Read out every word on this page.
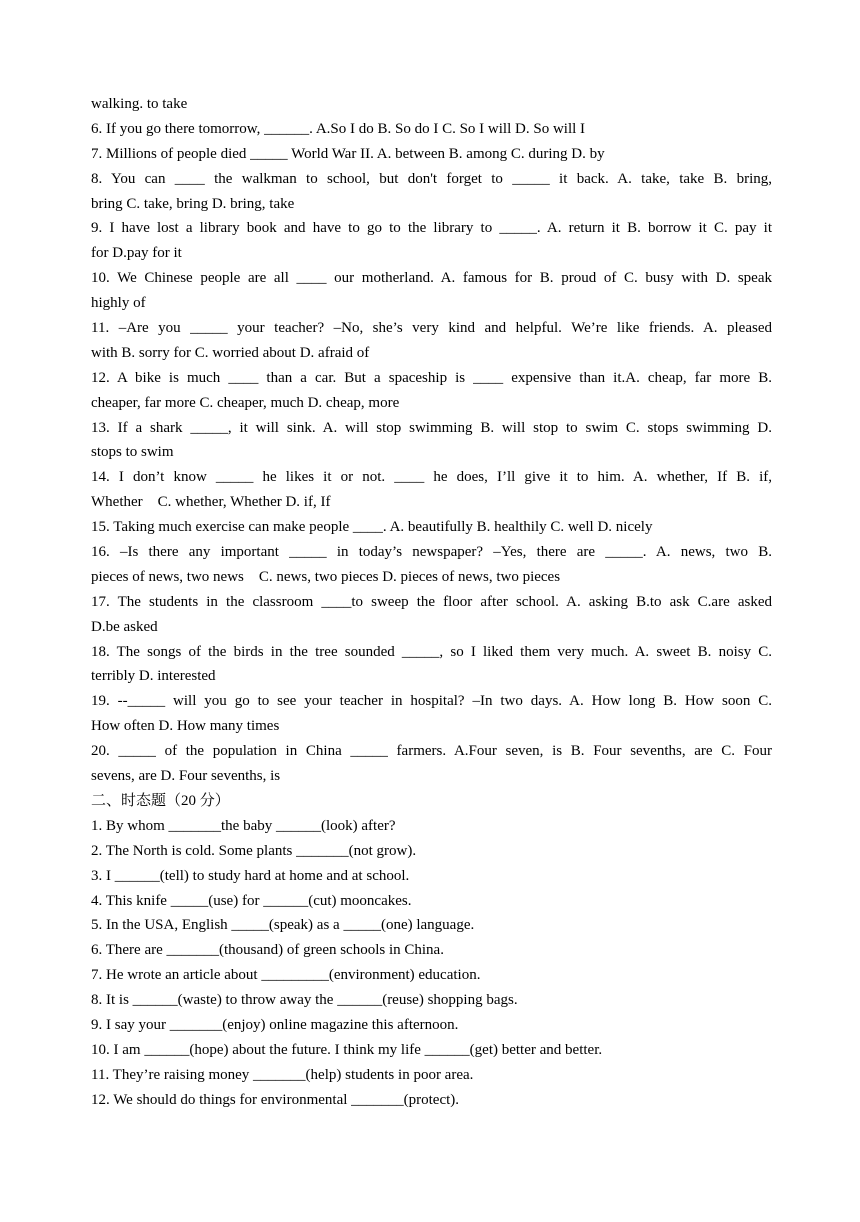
walking. to take
6. If you go there tomorrow, ______. A.So I do B. So do I C. So I will D. So will I
7. Millions of people died _____ World War II. A. between B. among C. during D. by
8. You can ____ the walkman to school, but don't forget to _____ it back. A. take, take B. bring,
bring C. take, bring D. bring, take
9. I have lost a library book and have to go to the library to _____. A. return it B. borrow it C. pay it
for D.pay for it
10. We Chinese people are all ____ our motherland. A. famous for B. proud of C. busy with D. speak
highly of
11. –Are you _____ your teacher? –No, she’s very kind and helpful. We’re like friends. A. pleased
with B. sorry for C. worried about D. afraid of
12. A bike is much ____ than a car. But a spaceship is ____ expensive than it.A. cheap, far more B.
cheaper, far more C. cheaper, much D. cheap, more
13. If a shark _____, it will sink. A. will stop swimming B. will stop to swim C. stops swimming D.
stops to swim
14. I don’t know _____ he likes it or not. ____ he does, I’ll give it to him. A. whether, If B. if,
Whether    C. whether, Whether D. if, If
15. Taking much exercise can make people ____. A. beautifully B. healthily C. well D. nicely
16. –Is there any important _____ in today’s newspaper? –Yes, there are _____. A. news, two B.
pieces of news, two news    C. news, two pieces D. pieces of news, two pieces
17. The students in the classroom ____to sweep the floor after school. A. asking B.to ask C.are asked
D.be asked
18. The songs of the birds in the tree sounded _____, so I liked them very much. A. sweet B. noisy C.
terribly D. interested
19. --_____ will you go to see your teacher in hospital? –In two days. A. How long B. How soon C.
How often D. How many times
20. _____ of the population in China _____ farmers. A.Four seven, is B. Four sevenths, are C. Four
sevens, are D. Four sevenths, is
二、时态题（20 分）
1. By whom _______the baby ______(look) after?
2. The North is cold. Some plants _______(not grow).
3. I ______(tell) to study hard at home and at school.
4. This knife _____(use) for ______(cut) mooncakes.
5. In the USA, English _____(speak) as a _____(one) language.
6. There are _______(thousand) of green schools in China.
7. He wrote an article about _________(environment) education.
8. It is ______(waste) to throw away the ______(reuse) shopping bags.
9. I say your _______(enjoy) online magazine this afternoon.
10. I am ______(hope) about the future. I think my life ______(get) better and better.
11. They’re raising money _______(help) students in poor area.
12. We should do things for environmental _______(protect).
